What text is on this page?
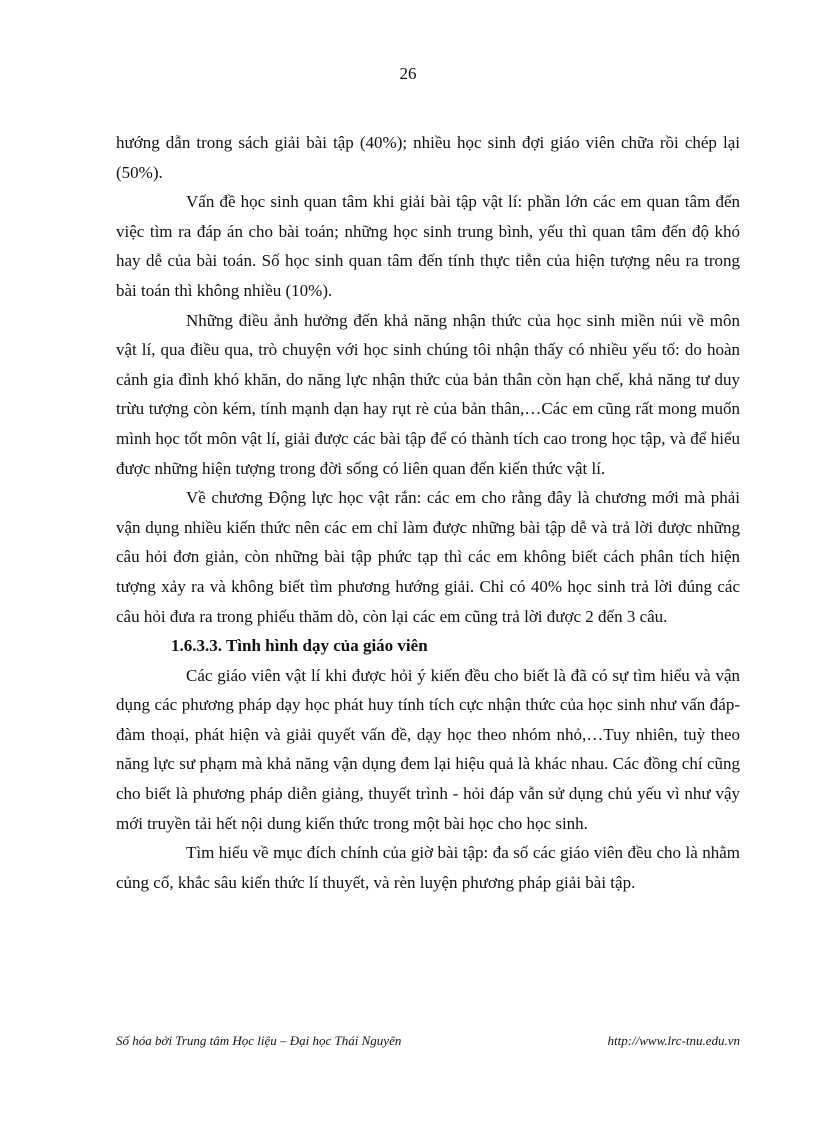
26

hướng dẫn trong sách giải bài tập (40%); nhiều học sinh đợi giáo viên chữa rồi chép lại (50%).

Vấn đề học sinh quan tâm khi giải bài tập vật lí: phần lớn các em quan tâm đến việc tìm ra đáp án cho bài toán; những học sinh trung bình, yếu thì quan tâm đến độ khó hay dễ của bài toán. Số học sinh quan tâm đến tính thực tiễn của hiện tượng nêu ra trong bài toán thì không nhiều (10%).

Những điều ảnh hưởng đến khả năng nhận thức của học sinh miền núi về môn vật lí, qua điều qua, trò chuyện với học sinh chúng tôi nhận thấy có nhiều yếu tố: do hoàn cảnh gia đình khó khăn, do năng lực nhận thức của bản thân còn hạn chế, khả năng tư duy trừu tượng còn kém, tính mạnh dạn hay rụt rè của bản thân,…Các em cũng rất mong muốn mình học tốt môn vật lí, giải được các bài tập để có thành tích cao trong học tập, và để hiểu được những hiện tượng trong đời sống có liên quan đến kiến thức vật lí.

Về chương Động lực học vật rắn: các em cho rằng đây là chương mới mà phải vận dụng nhiều kiến thức nên các em chỉ làm được những bài tập dễ và trả lời được những câu hỏi đơn giản, còn những bài tập phức tạp thì các em không biết cách phân tích hiện tượng xảy ra và không biết tìm phương hướng giải. Chỉ có 40% học sinh trả lời đúng các câu hỏi đưa ra trong phiếu thăm dò, còn lại các em cũng trả lời được 2 đến 3 câu.

1.6.3.3. Tình hình dạy của giáo viên

Các giáo viên vật lí khi được hỏi ý kiến đều cho biết là đã có sự tìm hiểu và vận dụng các phương pháp dạy học phát huy tính tích cực nhận thức của học sinh như vấn đáp-đàm thoại, phát hiện và giải quyết vấn đề, dạy học theo nhóm nhỏ,…Tuy nhiên, tuỳ theo năng lực sư phạm mà khả năng vận dụng đem lại hiệu quả là khác nhau. Các đồng chí cũng cho biết là phương pháp diễn giảng, thuyết trình - hỏi đáp vẫn sử dụng chủ yếu vì như vậy mới truyền tải hết nội dung kiến thức trong một bài học cho học sinh.

Tìm hiểu về mục đích chính của giờ bài tập: đa số các giáo viên đều cho là nhằm củng cố, khắc sâu kiến thức lí thuyết, và rèn luyện phương pháp giải bài tập.

Số hóa bởi Trung tâm Học liệu – Đại học Thái Nguyên	http://www.lrc-tnu.edu.vn
